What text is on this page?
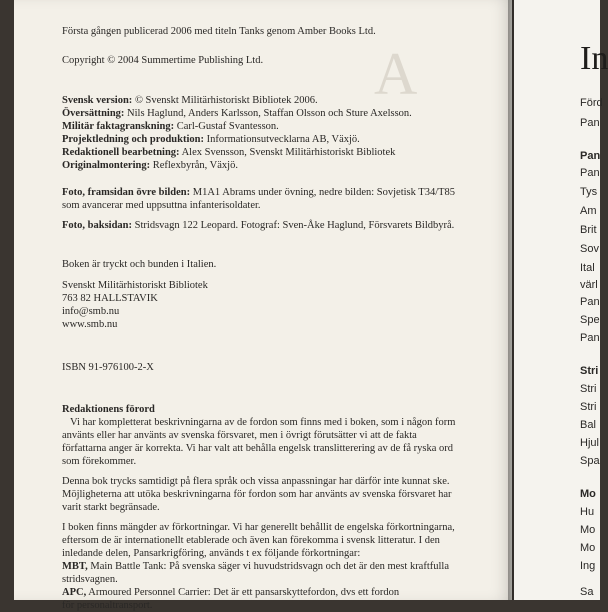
A
Första gången publicerad 2006 med titeln Tanks genom Amber Books Ltd.
Copyright © 2004 Summertime Publishing Ltd.
Svensk version: © Svenskt Militärhistoriskt Bibliotek 2006.
Översättning: Nils Haglund, Anders Karlsson, Staffan Olsson och Sture Axelsson.
Militär faktagranskning: Carl-Gustaf Svantesson.
Projektledning och produktion: Informationsutvecklarna AB, Växjö.
Redaktionell bearbetning: Alex Svensson, Svenskt Militärhistoriskt Bibliotek
Originalmontering: Reflexbyrån, Växjö.
Foto, framsidan övre bilden: M1A1 Abrams under övning, nedre bilden: Sovjetisk T34/T85
som avancerar med uppsuttna infanterisoldater.
Foto, baksidan: Stridsvagn 122 Leopard. Fotograf: Sven-Åke Haglund, Försvarets Bildbyrå.
Boken är tryckt och bunden i Italien.
Svenskt Militärhistoriskt Bibliotek
763 82 HALLSTAVIK
info@smb.nu
www.smb.nu
ISBN 91-976100-2-X
Redaktionens förord
Vi har kompletterat beskrivningarna av de fordon som finns med i boken, som i någon form
använts eller har använts av svenska försvaret, men i övrigt förutsätter vi att de fakta
författarna anger är korrekta. Vi har valt att behålla engelsk translitterering av de få ryska ord
som förekommer.
Denna bok trycks samtidigt på flera språk och vissa anpassningar har därför inte kunnat ske.
Möjligheterna att utöka beskrivningarna för fordon som har använts av svenska försvaret har
varit starkt begränsade.
I boken finns mängder av förkortningar. Vi har generellt behållit de engelska förkortningarna,
eftersom de är internationellt etablerade och även kan förekomma i svensk litteratur. I den
inledande delen, Pansarkrigföring, används t ex följande förkortningar:
MBT, Main Battle Tank: På svenska säger vi huvudstridsvagn och det är den mest kraftfulla
stridsvagnen.
APC, Armoured Personnel Carrier: Det är ett pansarskyttefordon, dvs ett fordon
för personaltransport.
In
Förd
Pan
Pan
Pan
Tys
Am
Brit
Sov
Ital
värl
Pan
Spe
Pan
Stri
Stri
Stri
Bal
Hjul
Spa
Mo
Hu
Mo
Mo
Ing
Sa
